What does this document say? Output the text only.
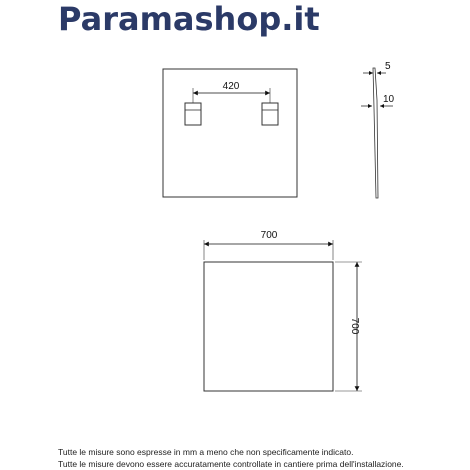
Paramashop.it
420
5
10
700
700
Tutte le misure sono espresse in mm a meno che non specificamente indicato.
Tutte le misure devono essere accuratamente controllate in cantiere prima dell'installazione.
